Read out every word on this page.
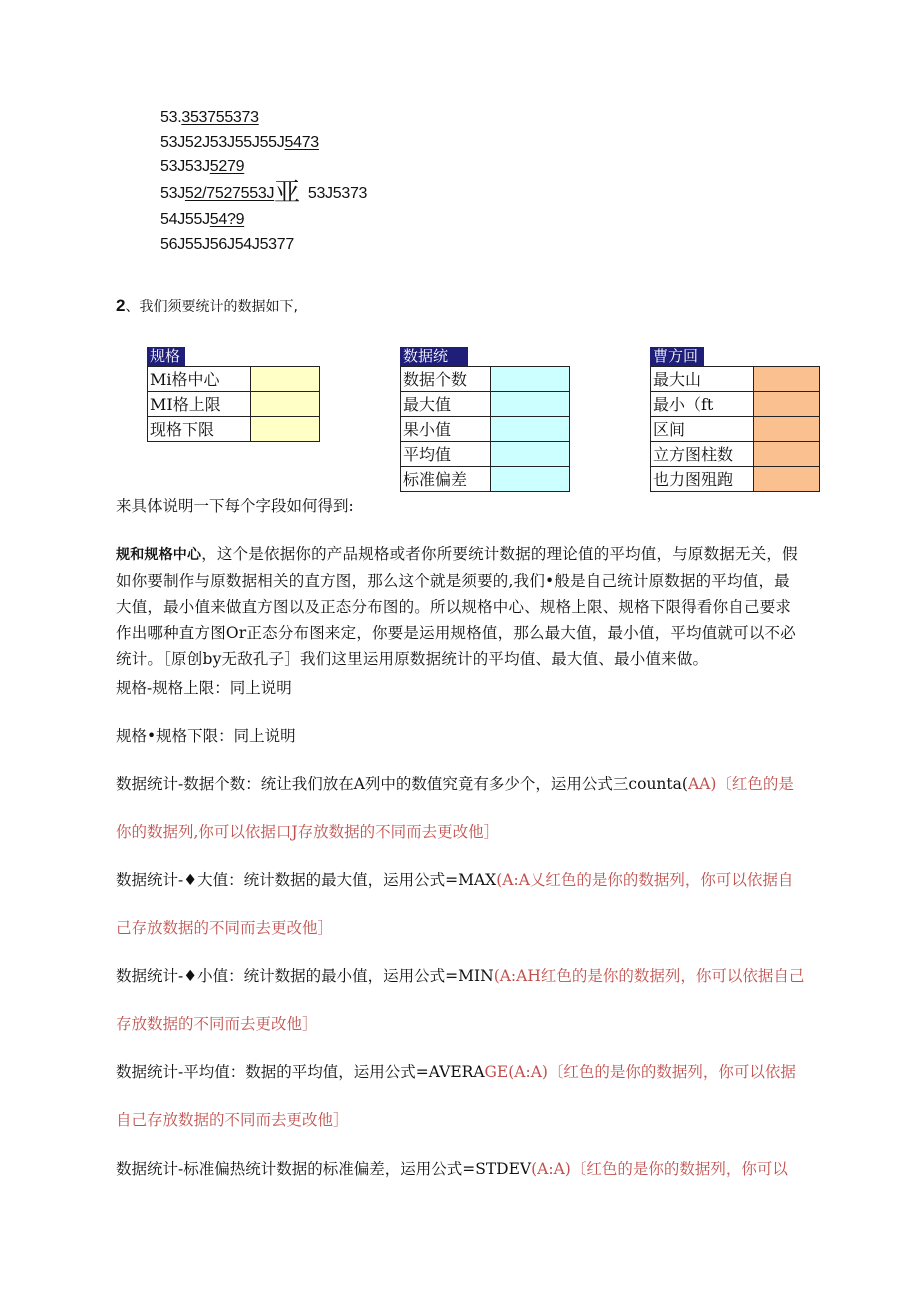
53.353755373
53J52J53J55J55J5473
53J53J5279
53J52/7527553J亚 53J5373
54J55J54?9
56J55J56J54J5377
2、我们须要统计的数据如下,
规格
Mi格中心
MI格上限
现格下限
数据统
数据个数
最大值
果小值
平均值
标准偏差
曹方回
最大山
最小（ft
区间
立方图柱数
也力图殂跑
来具体说明一下每个字段如何得到:
规和规格中心，这个是依据你的产品规格或者你所要统计数据的理论值的平均值，与原数据无关，假
如你要制作与原数据相关的直方图，那么这个就是须要的,我们•般是自己统计原数据的平均值，最
大值，最小值来做直方图以及正态分布图的。所以规格中心、规格上限、规格下限得看你自己要求
作出哪种直方图Or正态分布图来定，你要是运用规格值，那么最大值，最小值，平均值就可以不必
统计。［原创by无敌孔子］我们这里运用原数据统计的平均值、最大值、最小值来做。
规格-规格上限：同上说明
规格•规格下限：同上说明
数据统计-数据个数：统让我们放在A列中的数值究竟有多少个，运用公式三counta(AA)〔红色的是
你的数据列,你可以依据口J存放数据的不同而去更改他］
数据统计-♦大值：统计数据的最大值，运用公式=MAX(A:A乂红色的是你的数据列，你可以依据自
己存放数据的不同而去更改他］
数据统计-♦小值：统计数据的最小值，运用公式=MIN(A:AH红色的是你的数据列，你可以依据自己
存放数据的不同而去更改他］
数据统计-平均值：数据的平均值，运用公式=AVERAGE(A:A)〔红色的是你的数据列，你可以依据
自己存放数据的不同而去更改他］
数据统计-标准偏热统计数据的标准偏差，运用公式=STDEV(A:A)〔红色的是你的数据列，你可以
